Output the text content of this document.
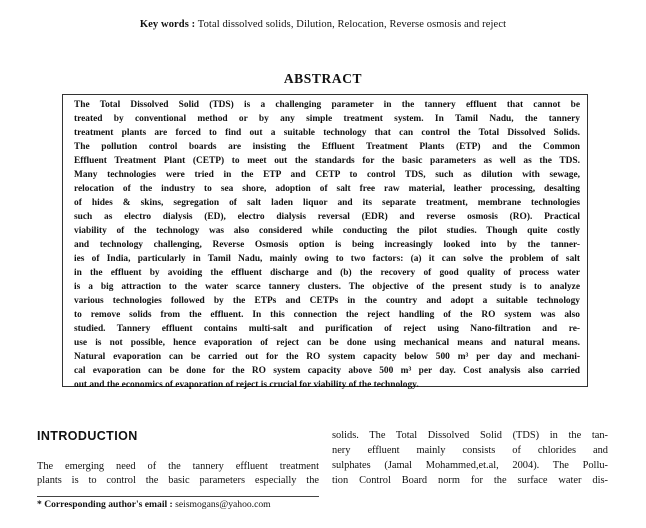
Key words : Total dissolved solids, Dilution, Relocation, Reverse osmosis and reject
ABSTRACT
The Total Dissolved Solid (TDS) is a challenging parameter in the tannery effluent that cannot be
treated by conventional method or by any simple treatment system. In Tamil Nadu, the tannery
treatment plants are forced to find out a suitable technology that can control the Total Dissolved Solids.
The pollution control boards are insisting the Effluent Treatment Plants (ETP) and the Common
Effluent Treatment Plant (CETP) to meet out the standards for the basic parameters as well as the TDS.
Many technologies were tried in the ETP and CETP to control TDS, such as dilution with sewage,
relocation of the industry to sea shore, adoption of salt free raw material, leather processing, desalting
of hides & skins, segregation of salt laden liquor and its separate treatment, membrane technologies
such as electro dialysis (ED), electro dialysis reversal (EDR) and reverse osmosis (RO). Practical
viability of the technology was also considered while conducting the pilot studies. Though quite costly
and technology challenging, Reverse Osmosis option is being increasingly looked into by the tanner-
ies of India, particularly in Tamil Nadu, mainly owing to two factors: (a) it can solve the problem of salt
in the effluent by avoiding the effluent discharge and (b) the recovery of good quality of process water
is a big attraction to the water scarce tannery clusters. The objective of the present study is to analyze
various technologies followed by the ETPs and CETPs in the country and adopt a suitable technology
to remove solids from the effluent. In this connection the reject handling of the RO system was also
studied. Tannery effluent contains multi-salt and purification of reject using Nano-filtration and re-
use is not possible, hence evaporation of reject can be done using mechanical means and natural means.
Natural evaporation can be carried out for the RO system capacity below 500 m³ per day and mechani-
cal evaporation can be done for the RO system capacity above 500 m³ per day. Cost analysis also carried
out and the economics of evaporation of reject is crucial for viability of the technology.
INTRODUCTION
The emerging need of the tannery effluent treatment
plants is to control the basic parameters especially the
solids. The Total Dissolved Solid (TDS) in the tan-
nery effluent mainly consists of chlorides and
sulphates (Jamal Mohammed,et.al, 2004). The Pollu-
tion Control Board norm for the surface water dis-
* Corresponding author's email : seismogans@yahoo.com
